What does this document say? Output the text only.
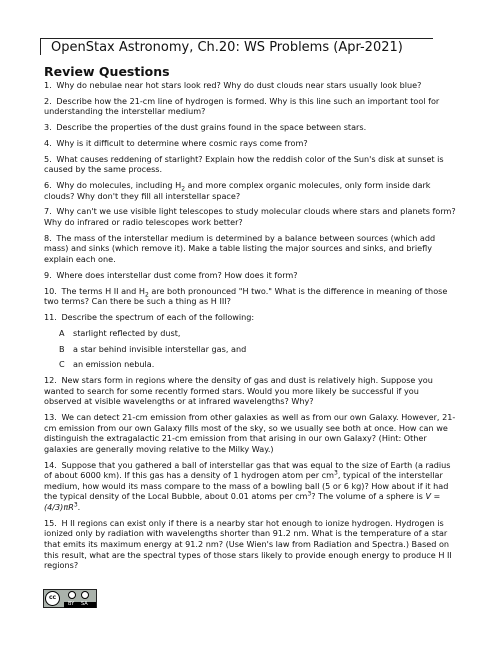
OpenStax Astronomy, Ch.20: WS Problems (Apr-2021)
Review Questions

1. Why do nebulae near hot stars look red? Why do dust clouds near stars usually look blue?

2. Describe how the 21-cm line of hydrogen is formed. Why is this line such an important tool for understanding the interstellar medium?

3. Describe the properties of the dust grains found in the space between stars.

4. Why is it difficult to determine where cosmic rays come from?

5. What causes reddening of starlight? Explain how the reddish color of the Sun's disk at sunset is caused by the same process.

6. Why do molecules, including $H_2$ and more complex organic molecules, only form inside dark clouds? Why don't they fill all interstellar space?

7. Why can't we use visible light telescopes to study molecular clouds where stars and planets form? Why do infrared or radio telescopes work better?

8. The mass of the interstellar medium is determined by a balance between sources (which add mass) and sinks (which remove it). Make a table listing the major sources and sinks, and briefly explain each one.

9. Where does interstellar dust come from? How does it form?

10. The terms H II and $H_2$ are both pronounced "H two." What is the difference in meaning of those two terms? Can there be such a thing as H III?

11. Describe the spectrum of each of the following:

A starlight reflected by dust,

B a star behind invisible interstellar gas, and

C an emission nebula.

12. New stars form in regions where the density of gas and dust is relatively high. Suppose you wanted to search for some recently formed stars. Would you more likely be successful if you observed at visible wavelengths or at infrared wavelengths? Why?

13. We can detect 21-cm emission from other galaxies as well as from our own Galaxy. However, 21-cm emission from our own Galaxy fills most of the sky, so we usually see both at once. How can we distinguish the extragalactic 21-cm emission from that arising in our own Galaxy? (Hint: Other galaxies are generally moving relative to the Milky Way.)

14. Suppose that you gathered a ball of interstellar gas that was equal to the size of Earth (a radius of about 6000 km). If this gas has a density of 1 hydrogen atom per $cm^3$, typical of the interstellar medium, how would its mass compare to the mass of a bowling ball (5 or 6 kg)? How about if it had the typical density of the Local Bubble, about 0.01 atoms per $cm^3$? The volume of a sphere is $V = (4/3)\pi R^3$.

15. H II regions can exist only if there is a nearby star hot enough to ionize hydrogen. Hydrogen is ionized only by radiation with wavelengths shorter than 91.2 nm. What is the temperature of a star that emits its maximum energy at 91.2 nm? (Use Wien's law from Radiation and Spectra.) Based on this result, what are the spectral types of those stars likely to provide enough energy to produce H II regions?

cc
BY SA
